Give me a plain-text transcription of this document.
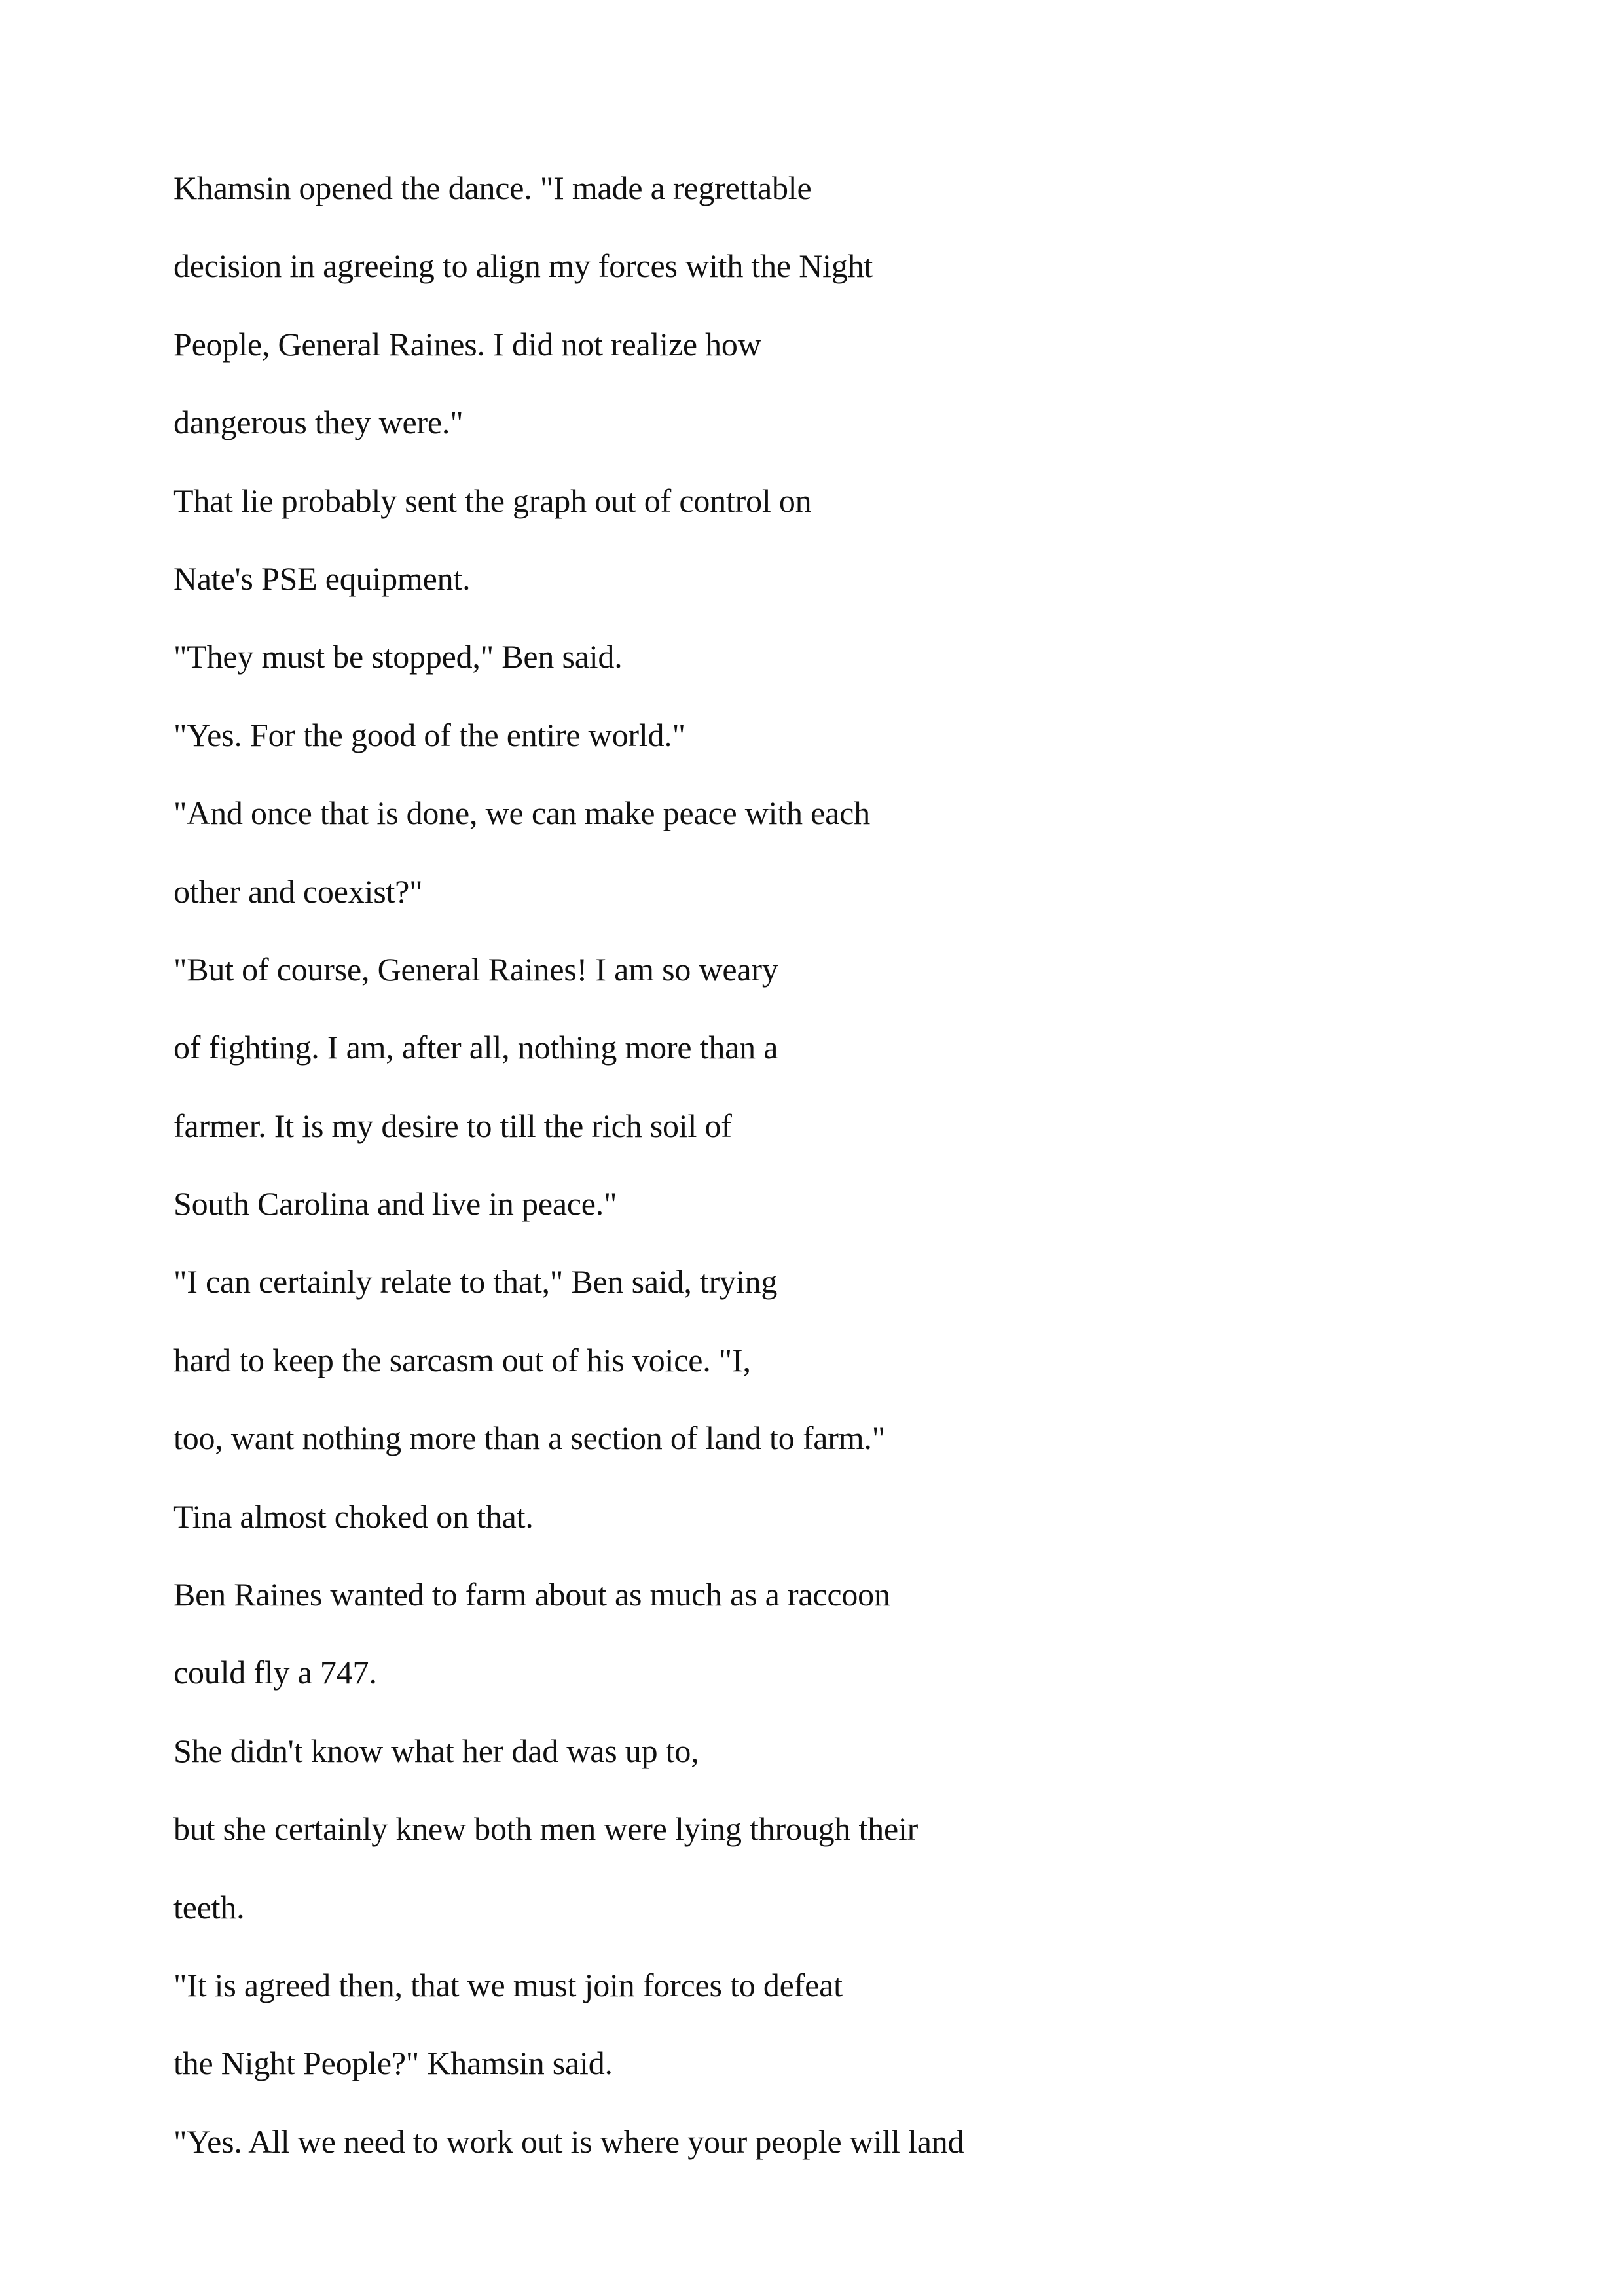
Khamsin opened the dance. "I made a regrettable
decision in agreeing to align my forces with the Night
People, General Raines. I did not realize how
dangerous they were."
That lie probably sent the graph out of control on
Nate's PSE equipment.
"They must be stopped," Ben said.
"Yes. For the good of the entire world."
"And once that is done, we can make peace with each
other and coexist?"
"But of course, General Raines! I am so weary
of fighting. I am, after all, nothing more than a
farmer. It is my desire to till the rich soil of
South Carolina and live in peace."
"I can certainly relate to that," Ben said, trying
hard to keep the sarcasm out of his voice. "I,
too, want nothing more than a section of land to farm."
Tina almost choked on that.
Ben Raines wanted to farm about as much as a raccoon
could fly a 747.
She didn't know what her dad was up to,
but she certainly knew both men were lying through their
teeth.
"It is agreed then, that we must join forces to defeat
the Night People?" Khamsin said.
"Yes. All we need to work out is where your people will land
